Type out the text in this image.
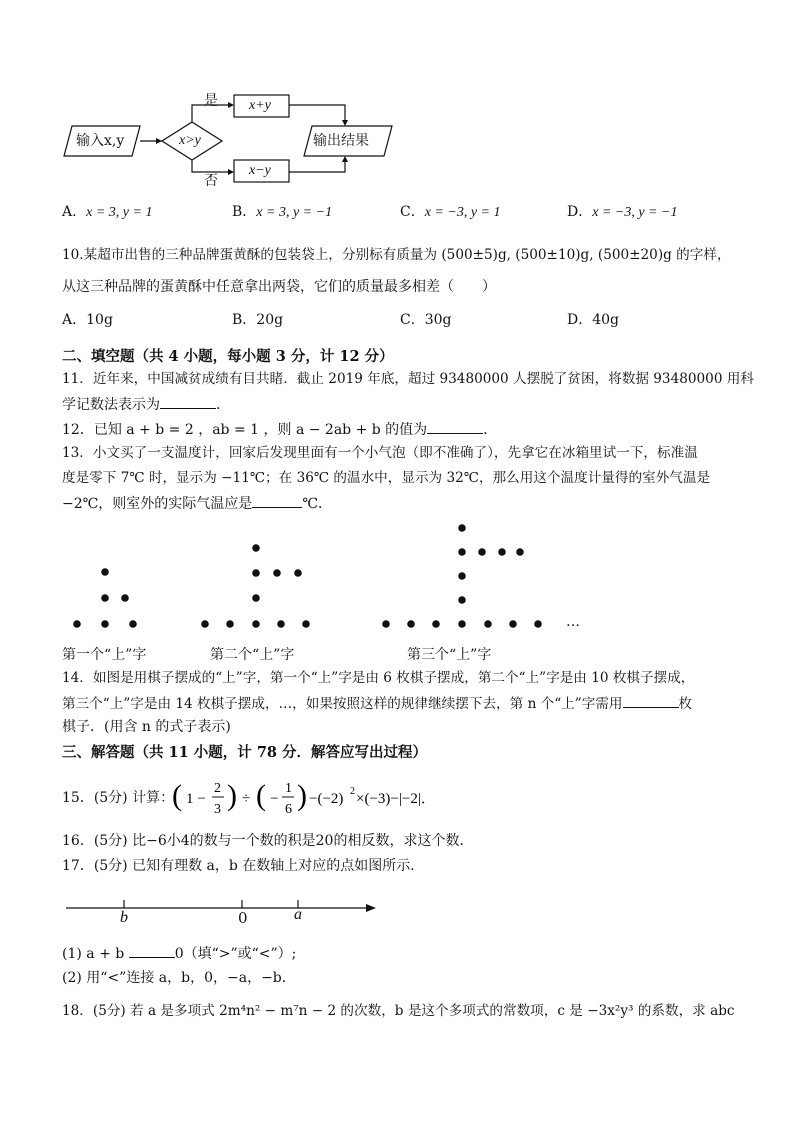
输入x,y	x>y
是
否
x+y
x−y
输出结果
A．x = 3, y = 1	B．x = 3, y = −1	C．x = −3, y = 1	D．x = −3, y = −1
10.某超市出售的三种品牌蛋黄酥的包装袋上，分别标有质量为 (500±5)g, (500±10)g, (500±20)g 的字样，
从这三种品牌的蛋黄酥中任意拿出两袋，它们的质量最多相差（　　）
A．10g	B．20g	C．30g	D．40g
二、填空题（共 4 小题，每小题 3 分，计 12 分）
11．近年来，中国减贫成绩有目共睹．截止 2019 年底，超过 93480000 人摆脱了贫困，将数据 93480000 用科
学记数法表示为	．
12．已知 a + b = 2 ，ab = 1 ，则 a − 2ab + b 的值为	．
13．小文买了一支温度计，回家后发现里面有一个小气泡（即不准确了），先拿它在冰箱里试一下，标准温
度是零下 7℃ 时，显示为 −11℃；在 36℃ 的温水中，显示为 32℃，那么用这个温度计量得的室外气温是
−2℃，则室外的实际气温应是	℃．
…
第一个“上”字	第二个“上”字	第三个“上”字
14．如图是用棋子摆成的“上”字，第一个“上”字是由 6 枚棋子摆成，第二个“上”字是由 10 枚棋子摆成，
第三个“上”字是由 14 枚棋子摆成，…，如果按照这样的规律继续摆下去，第 n 个“上”字需用	枚
棋子．(用含 n 的式子表示)
三、解答题（共 11 小题，计 78 分．解答应写出过程）
15．(5分) 计算：
( 1 −
2
3 ) ÷ ( −
1
6 ) −(−2) 2 ×(−3)−|−2|．
16．(5分) 比−6小4的数与一个数的积是20的相反数，求这个数．
17．(5分) 已知有理数 a，b 在数轴上对应的点如图所示．
b	0	a
(1) a + b	0（填“>”或“<”）;
(2) 用“<”连接 a，b，0，−a，−b．
18．(5分) 若 a 是多项式 2m⁴n² − m⁷n − 2 的次数，b 是这个多项式的常数项，c 是 −3x²y³ 的系数，求 abc
